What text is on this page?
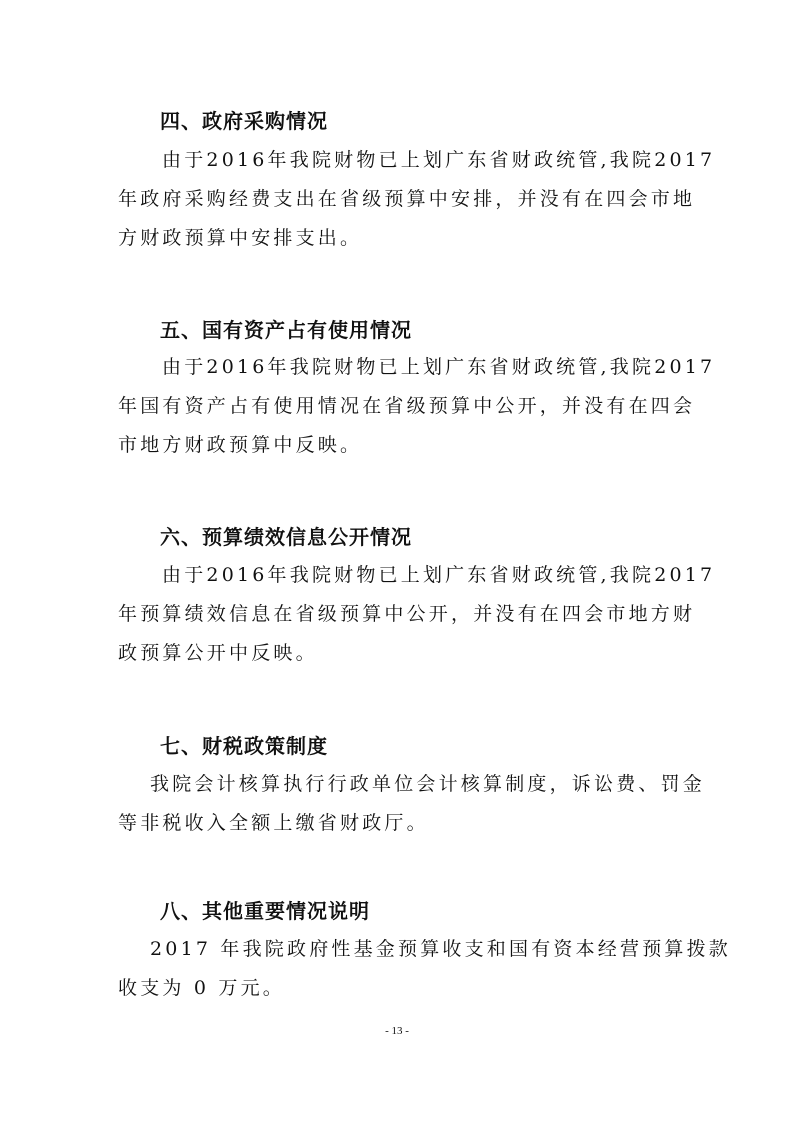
四、政府采购情况

由于2016年我院财物已上划广东省财政统管,我院2017

年政府采购经费支出在省级预算中安排，并没有在四会市地

方财政预算中安排支出。

五、国有资产占有使用情况

由于2016年我院财物已上划广东省财政统管,我院2017

年国有资产占有使用情况在省级预算中公开，并没有在四会

市地方财政预算中反映。

六、预算绩效信息公开情况

由于2016年我院财物已上划广东省财政统管,我院2017

年预算绩效信息在省级预算中公开，并没有在四会市地方财

政预算公开中反映。

七、财税政策制度

我院会计核算执行行政单位会计核算制度，诉讼费、罚金

等非税收入全额上缴省财政厅。

八、其他重要情况说明

2017 年我院政府性基金预算收支和国有资本经营预算拨款

收支为 0 万元。

- 13 -
